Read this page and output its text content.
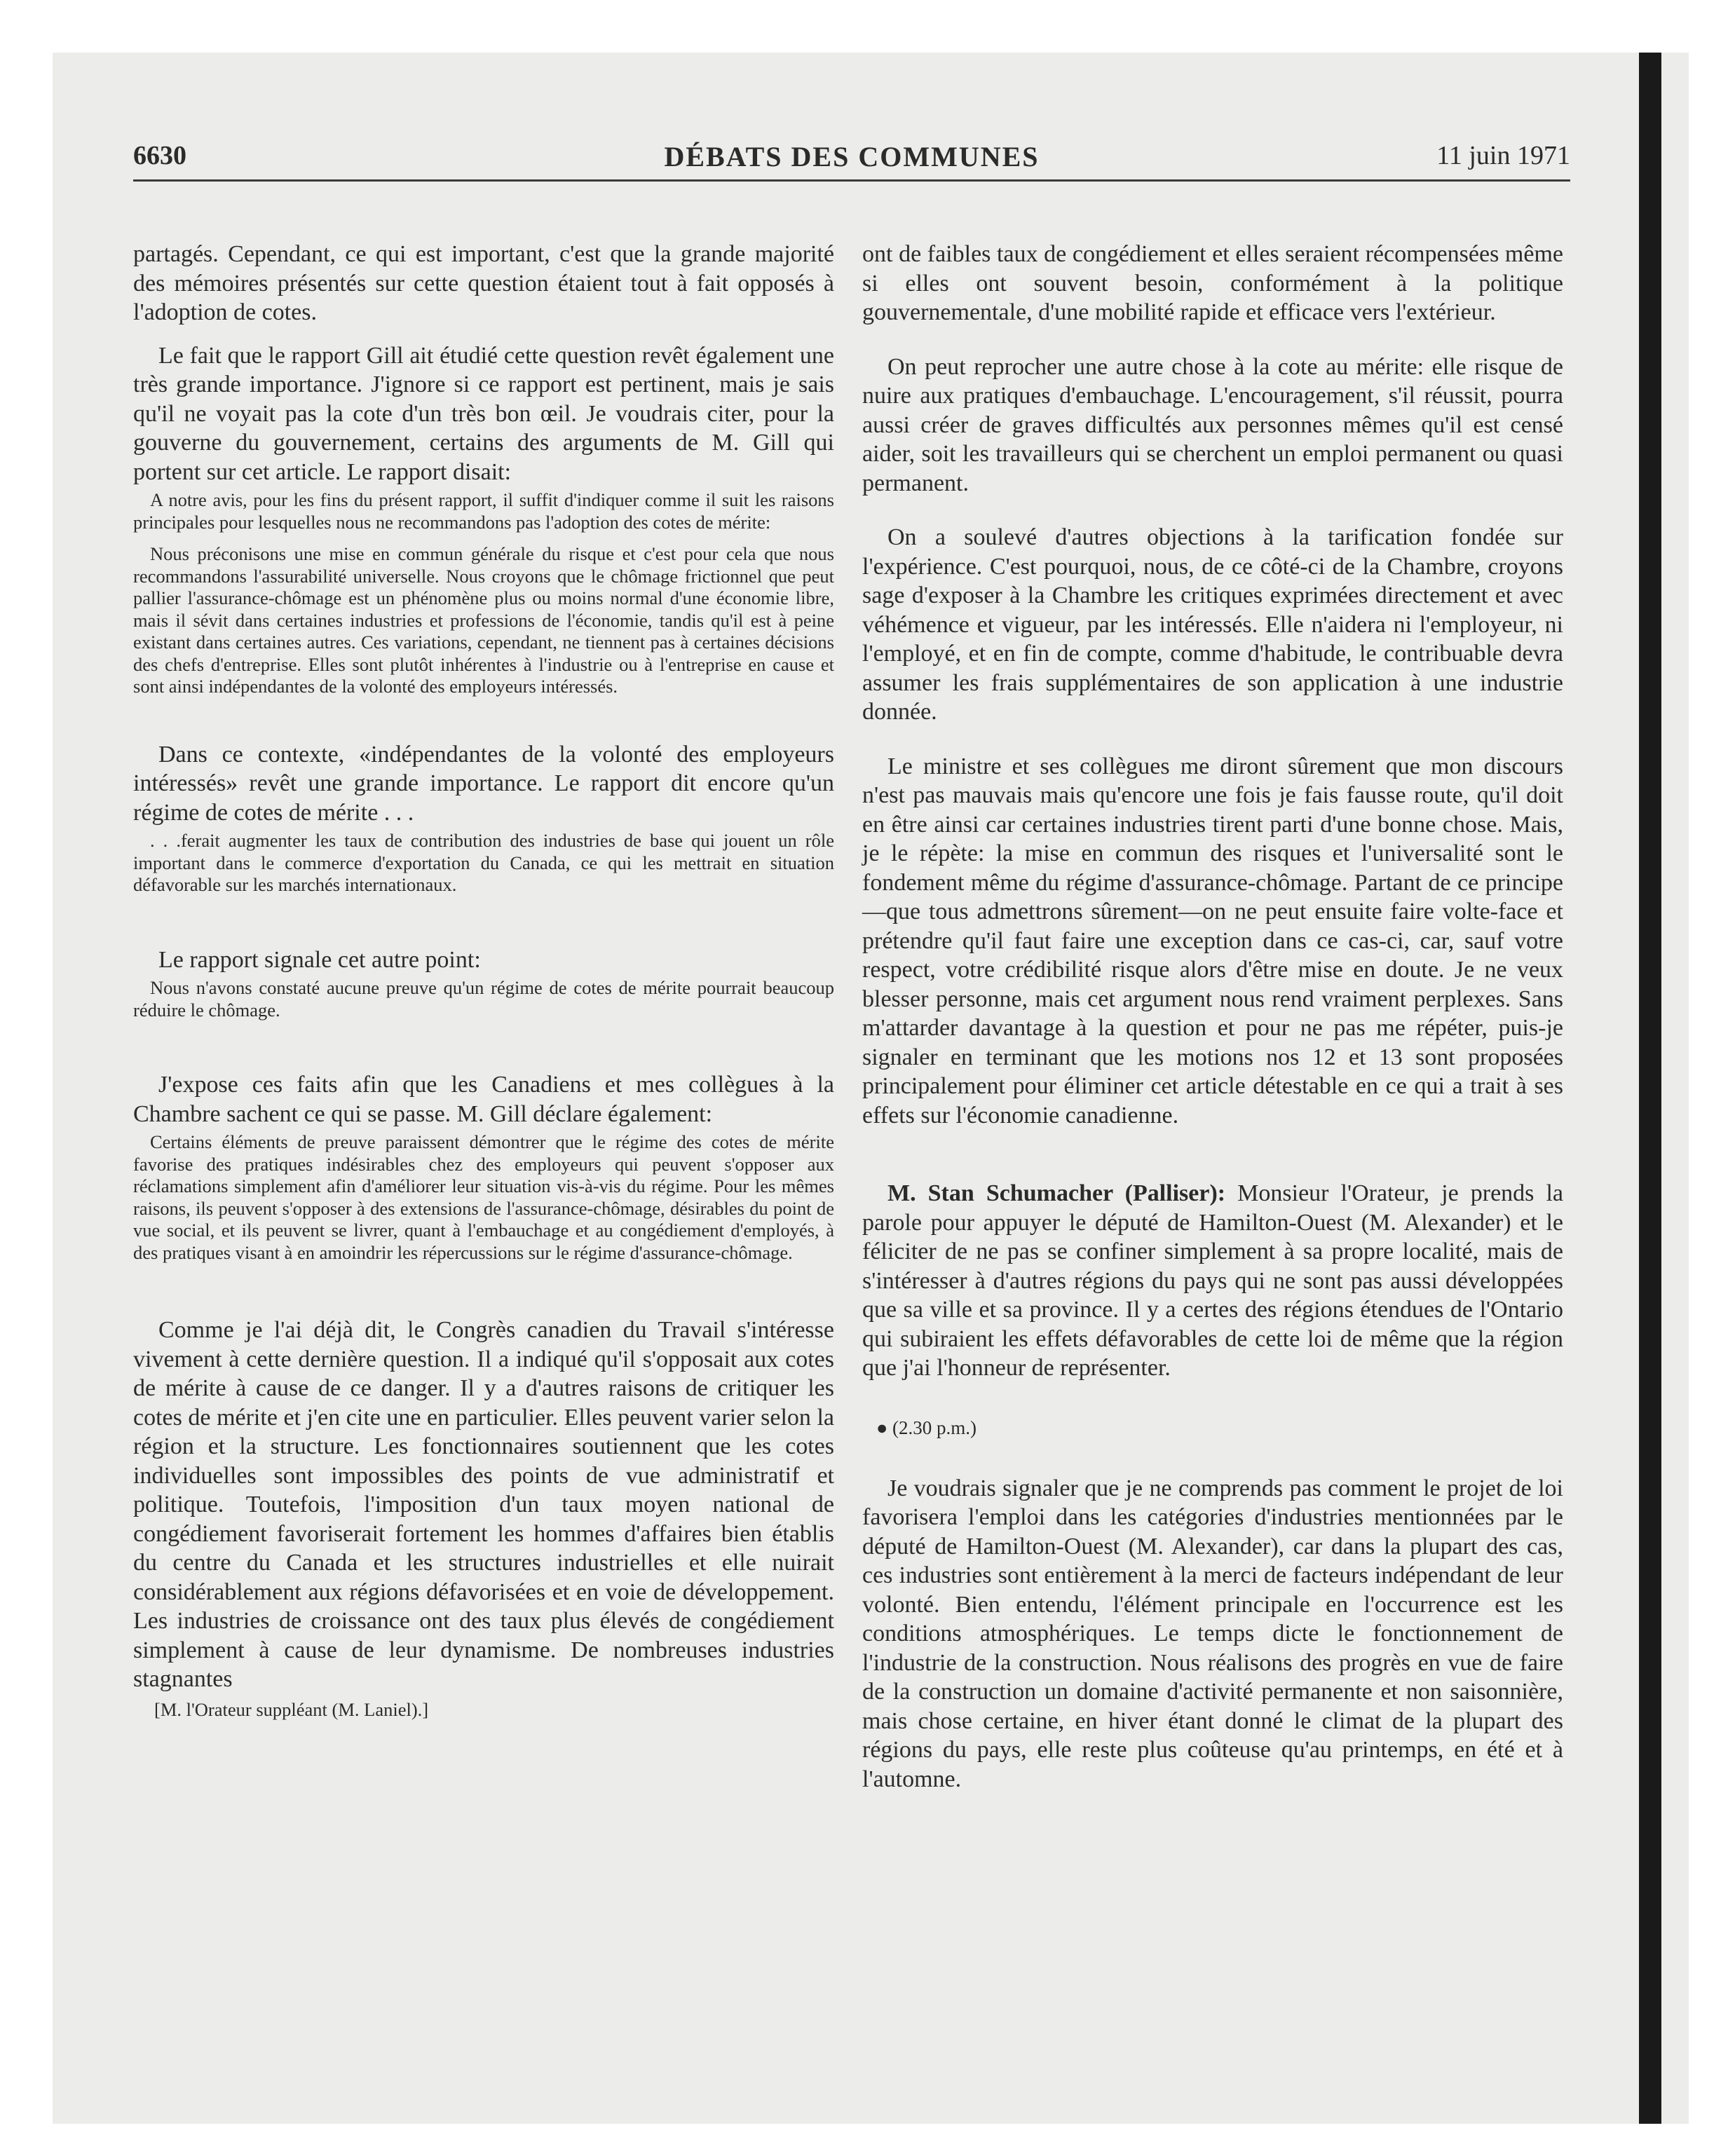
6630	DÉBATS DES COMMUNES	11 juin 1971

partagés. Cependant, ce qui est important, c'est que la grande majorité des mémoires présentés sur cette question étaient tout à fait opposés à l'adoption de cotes.

Le fait que le rapport Gill ait étudié cette question revêt également une très grande importance. J'ignore si ce rapport est pertinent, mais je sais qu'il ne voyait pas la cote d'un très bon œil. Je voudrais citer, pour la gouverne du gouvernement, certains des arguments de M. Gill qui portent sur cet article. Le rapport disait:

A notre avis, pour les fins du présent rapport, il suffit d'indiquer comme il suit les raisons principales pour lesquelles nous ne recommandons pas l'adoption des cotes de mérite:

Nous préconisons une mise en commun générale du risque et c'est pour cela que nous recommandons l'assurabilité universelle. Nous croyons que le chômage frictionnel que peut pallier l'assurance-chômage est un phénomène plus ou moins normal d'une économie libre, mais il sévit dans certaines industries et professions de l'économie, tandis qu'il est à peine existant dans certaines autres. Ces variations, cependant, ne tiennent pas à certaines décisions des chefs d'entreprise. Elles sont plutôt inhérentes à l'industrie ou à l'entreprise en cause et sont ainsi indépendantes de la volonté des employeurs intéressés.

Dans ce contexte, «indépendantes de la volonté des employeurs intéressés» revêt une grande importance. Le rapport dit encore qu'un régime de cotes de mérite . . .

. . .ferait augmenter les taux de contribution des industries de base qui jouent un rôle important dans le commerce d'exportation du Canada, ce qui les mettrait en situation défavorable sur les marchés internationaux.

Le rapport signale cet autre point:

Nous n'avons constaté aucune preuve qu'un régime de cotes de mérite pourrait beaucoup réduire le chômage.

J'expose ces faits afin que les Canadiens et mes collègues à la Chambre sachent ce qui se passe. M. Gill déclare également:

Certains éléments de preuve paraissent démontrer que le régime des cotes de mérite favorise des pratiques indésirables chez des employeurs qui peuvent s'opposer aux réclamations simplement afin d'améliorer leur situation vis-à-vis du régime. Pour les mêmes raisons, ils peuvent s'opposer à des extensions de l'assurance-chômage, désirables du point de vue social, et ils peuvent se livrer, quant à l'embauchage et au congédiement d'employés, à des pratiques visant à en amoindrir les répercussions sur le régime d'assurance-chômage.

Comme je l'ai déjà dit, le Congrès canadien du Travail s'intéresse vivement à cette dernière question. Il a indiqué qu'il s'opposait aux cotes de mérite à cause de ce danger. Il y a d'autres raisons de critiquer les cotes de mérite et j'en cite une en particulier. Elles peuvent varier selon la région et la structure. Les fonctionnaires soutiennent que les cotes individuelles sont impossibles des points de vue administratif et politique. Toutefois, l'imposition d'un taux moyen national de congédiement favoriserait fortement les hommes d'affaires bien établis du centre du Canada et les structures industrielles et elle nuirait considérablement aux régions défavorisées et en voie de développement. Les industries de croissance ont des taux plus élevés de congédiement simplement à cause de leur dynamisme. De nombreuses industries stagnantes

[M. l'Orateur suppléant (M. Laniel).]

ont de faibles taux de congédiement et elles seraient récompensées même si elles ont souvent besoin, conformément à la politique gouvernementale, d'une mobilité rapide et efficace vers l'extérieur.

On peut reprocher une autre chose à la cote au mérite: elle risque de nuire aux pratiques d'embauchage. L'encouragement, s'il réussit, pourra aussi créer de graves difficultés aux personnes mêmes qu'il est censé aider, soit les travailleurs qui se cherchent un emploi permanent ou quasi permanent.

On a soulevé d'autres objections à la tarification fondée sur l'expérience. C'est pourquoi, nous, de ce côté-ci de la Chambre, croyons sage d'exposer à la Chambre les critiques exprimées directement et avec véhémence et vigueur, par les intéressés. Elle n'aidera ni l'employeur, ni l'employé, et en fin de compte, comme d'habitude, le contribuable devra assumer les frais supplémentaires de son application à une industrie donnée.

Le ministre et ses collègues me diront sûrement que mon discours n'est pas mauvais mais qu'encore une fois je fais fausse route, qu'il doit en être ainsi car certaines industries tirent parti d'une bonne chose. Mais, je le répète: la mise en commun des risques et l'universalité sont le fondement même du régime d'assurance-chômage. Partant de ce principe—que tous admettrons sûrement—on ne peut ensuite faire volte-face et prétendre qu'il faut faire une exception dans ce cas-ci, car, sauf votre respect, votre crédibilité risque alors d'être mise en doute. Je ne veux blesser personne, mais cet argument nous rend vraiment perplexes. Sans m'attarder davantage à la question et pour ne pas me répéter, puis-je signaler en terminant que les motions nos 12 et 13 sont proposées principalement pour éliminer cet article détestable en ce qui a trait à ses effets sur l'économie canadienne.

M. Stan Schumacher (Palliser): Monsieur l'Orateur, je prends la parole pour appuyer le député de Hamilton-Ouest (M. Alexander) et le féliciter de ne pas se confiner simplement à sa propre localité, mais de s'intéresser à d'autres régions du pays qui ne sont pas aussi développées que sa ville et sa province. Il y a certes des régions étendues de l'Ontario qui subiraient les effets défavorables de cette loi de même que la région que j'ai l'honneur de représenter.

● (2.30 p.m.)

Je voudrais signaler que je ne comprends pas comment le projet de loi favorisera l'emploi dans les catégories d'industries mentionnées par le député de Hamilton-Ouest (M. Alexander), car dans la plupart des cas, ces industries sont entièrement à la merci de facteurs indépendant de leur volonté. Bien entendu, l'élément principale en l'occurrence est les conditions atmosphériques. Le temps dicte le fonctionnement de l'industrie de la construction. Nous réalisons des progrès en vue de faire de la construction un domaine d'activité permanente et non saisonnière, mais chose certaine, en hiver étant donné le climat de la plupart des régions du pays, elle reste plus coûteuse qu'au printemps, en été et à l'automne.
